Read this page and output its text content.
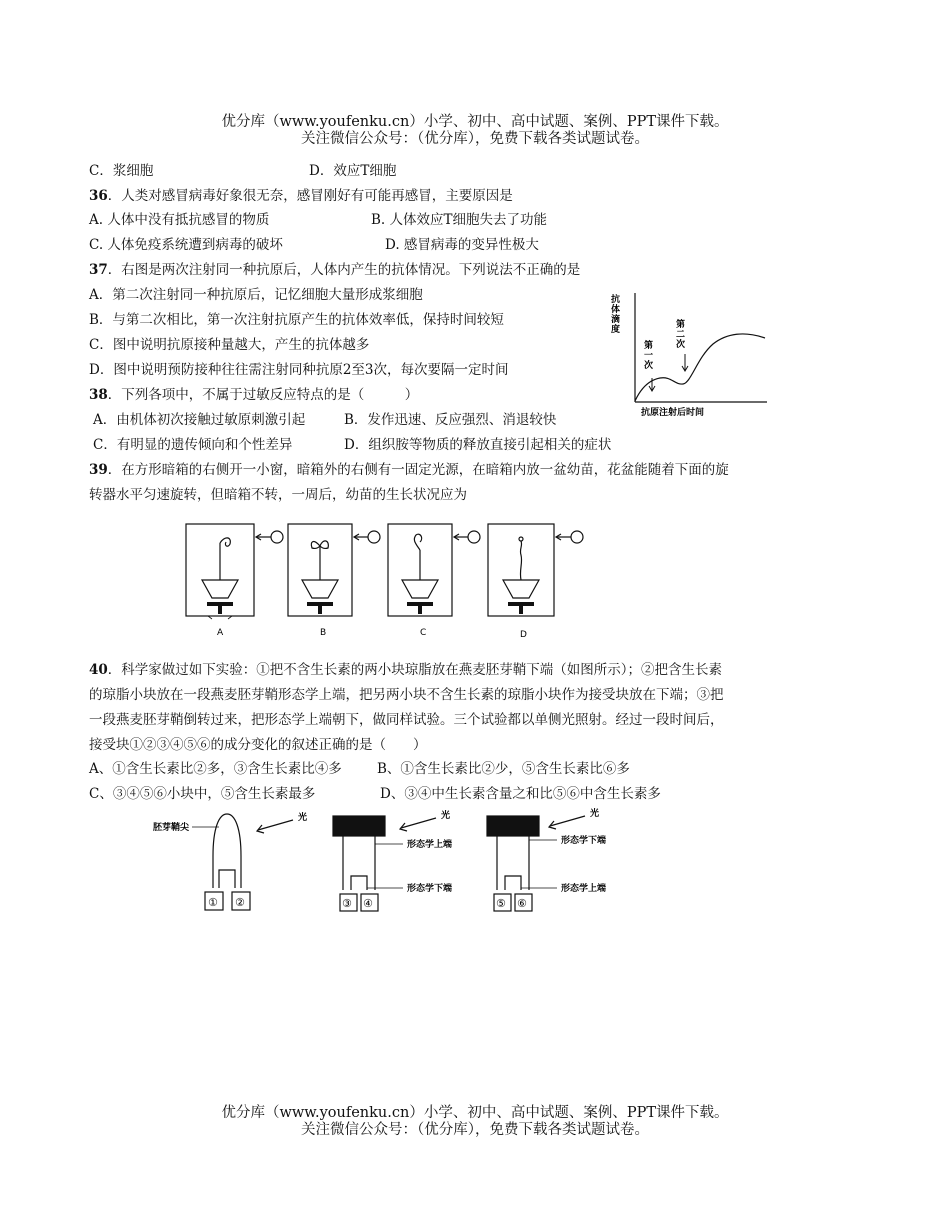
优分库（www.youfenku.cn）小学、初中、高中试题、案例、PPT课件下载。
关注微信公众号：（优分库），免费下载各类试题试卷。
C．浆细胞	D．效应T细胞
36．人类对感冒病毒好象很无奈，感冒刚好有可能再感冒，主要原因是
A. 人体中没有抵抗感冒的物质	B. 人体效应T细胞失去了功能
C. 人体免疫系统遭到病毒的破坏	D. 感冒病毒的变异性极大
37．右图是两次注射同一种抗原后，人体内产生的抗体情况。下列说法不正确的是
A．第二次注射同一种抗原后，记忆细胞大量形成浆细胞
B．与第二次相比，第一次注射抗原产生的抗体效率低，保持时间较短
C．图中说明抗原接种量越大，产生的抗体越多
D．图中说明预防接种往往需注射同种抗原2至3次，每次要隔一定时间
抗
体
滴
度
第
一
次
第
二
次
抗原注射后时间
38．下列各项中，不属于过敏反应特点的是（　　　）
A．由机体初次接触过敏原刺激引起	B．发作迅速、反应强烈、消退较快
C．有明显的遗传倾向和个性差异	D．组织胺等物质的释放直接引起相关的症状
39．在方形暗箱的右侧开一小窗，暗箱外的右侧有一固定光源，在暗箱内放一盆幼苗，花盆能随着下面的旋
转器水平匀速旋转，但暗箱不转，一周后，幼苗的生长状况应为
A	B	C	D
40．科学家做过如下实验：①把不含生长素的两小块琼脂放在燕麦胚芽鞘下端（如图所示）；②把含生长素
的琼脂小块放在一段燕麦胚芽鞘形态学上端，把另两小块不含生长素的琼脂小块作为接受块放在下端；③把
一段燕麦胚芽鞘倒转过来，把形态学上端朝下，做同样试验。三个试验都以单侧光照射。经过一段时间后，
接受块①②③④⑤⑥的成分变化的叙述正确的是（　　）
A、①含生长素比②多，③含生长素比④多	B、①含生长素比②少，⑤含生长素比⑥多
C、③④⑤⑥小块中，⑤含生长素最多	D、③④中生长素含量之和比⑤⑥中含生长素多
胚芽鞘尖
光	光	光
形态学上端
形态学下端
形态学下端
形态学上端
① ②	③ ④	⑤ ⑥
优分库（www.youfenku.cn）小学、初中、高中试题、案例、PPT课件下载。
关注微信公众号：（优分库），免费下载各类试题试卷。
